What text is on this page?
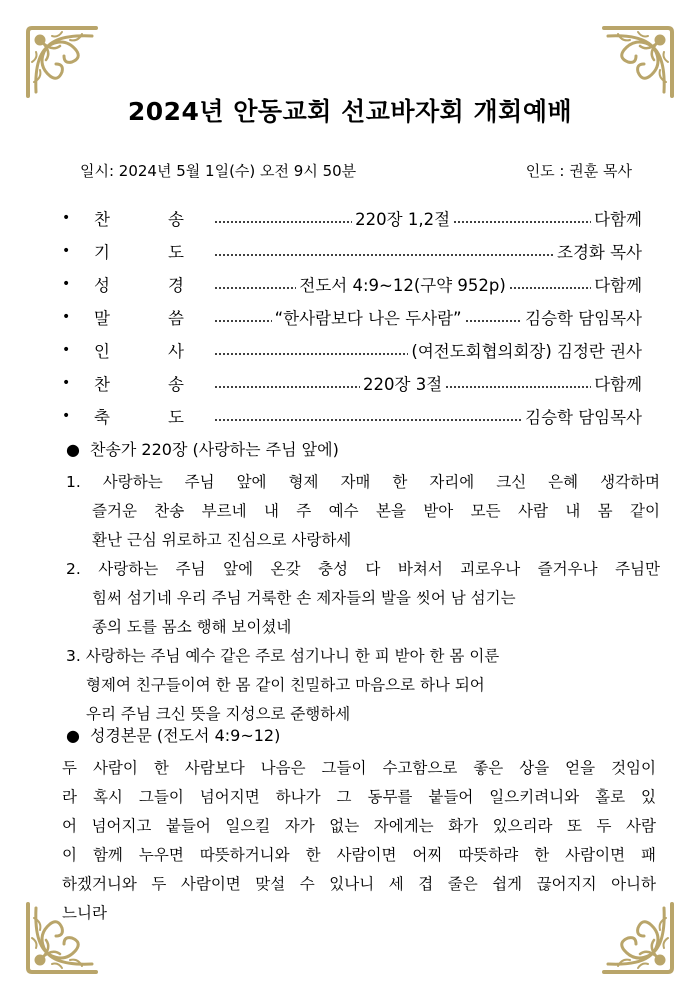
2024년 안동교회 선교바자회 개회예배
일시: 2024년 5월 1일(수) 오전 9시 50분	인도 : 권훈 목사
•	찬	송	220장 1,2절	다함께
•	기	도	조경화 목사
•	성	경	전도서 4:9~12(구약 952p)	다함께
•	말	씀	“한사람보다 나은 두사람”	김승학 담임목사
•	인	사	(여전도회협의회장) 김정란 권사
•	찬	송	220장 3절	다함께
•	축	도	김승학 담임목사
● 찬송가 220장 (사랑하는 주님 앞에)
1. 사랑하는 주님 앞에 형제 자매 한 자리에 크신 은혜 생각하며
즐거운 찬송 부르네 내 주 예수 본을 받아 모든 사람 내 몸 같이
환난 근심 위로하고 진심으로 사랑하세
2. 사랑하는 주님 앞에 온갖 충성 다 바쳐서 괴로우나 즐거우나 주님만
힘써 섬기네 우리 주님 거룩한 손 제자들의 발을 씻어 남 섬기는
종의 도를 몸소 행해 보이셨네
3. 사랑하는 주님 예수 같은 주로 섬기나니 한 피 받아 한 몸 이룬
형제여 친구들이여 한 몸 같이 친밀하고 마음으로 하나 되어
우리 주님 크신 뜻을 지성으로 준행하세
● 성경본문 (전도서 4:9~12)
두 사람이 한 사람보다 나음은 그들이 수고함으로 좋은 상을 얻을 것임이
라 혹시 그들이 넘어지면 하나가 그 동무를 붙들어 일으키려니와 홀로 있
어 넘어지고 붙들어 일으킬 자가 없는 자에게는 화가 있으리라 또 두 사람
이 함께 누우면 따뜻하거니와 한 사람이면 어찌 따뜻하랴 한 사람이면 패
하겠거니와 두 사람이면 맞설 수 있나니 세 겹 줄은 쉽게 끊어지지 아니하
느니라
